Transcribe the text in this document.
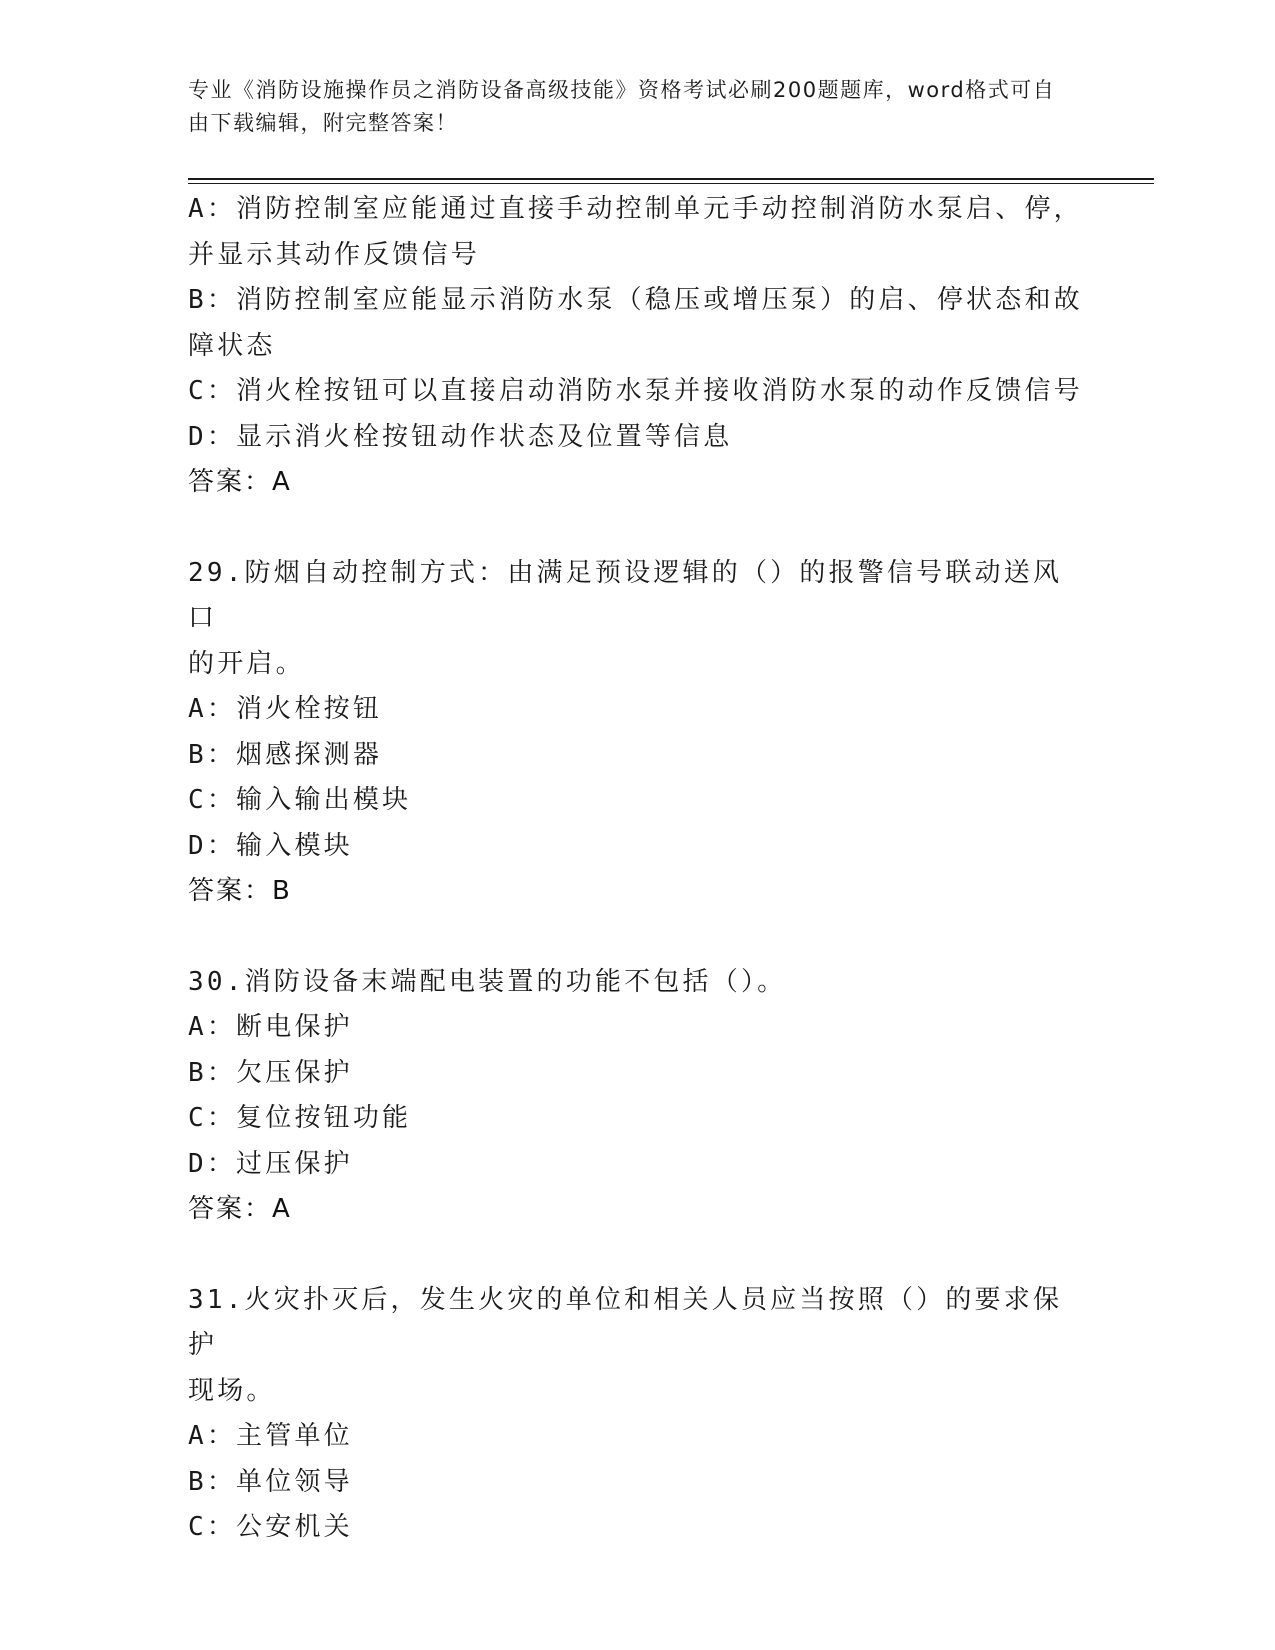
专业《消防设施操作员之消防设备高级技能》资格考试必刷200题题库，word格式可自由下载编辑，附完整答案！
A：消防控制室应能通过直接手动控制单元手动控制消防水泵启、停，
并显示其动作反馈信号
B：消防控制室应能显示消防水泵（稳压或增压泵）的启、停状态和故
障状态
C：消火栓按钮可以直接启动消防水泵并接收消防水泵的动作反馈信号
D：显示消火栓按钮动作状态及位置等信息
答案：A
29.防烟自动控制方式：由满足预设逻辑的（）的报警信号联动送风口
的开启。
A：消火栓按钮
B：烟感探测器
C：输入输出模块
D：输入模块
答案：B
30.消防设备末端配电装置的功能不包括（）。
A：断电保护
B：欠压保护
C：复位按钮功能
D：过压保护
答案：A
31.火灾扑灭后，发生火灾的单位和相关人员应当按照（）的要求保护
现场。
A：主管单位
B：单位领导
C：公安机关
